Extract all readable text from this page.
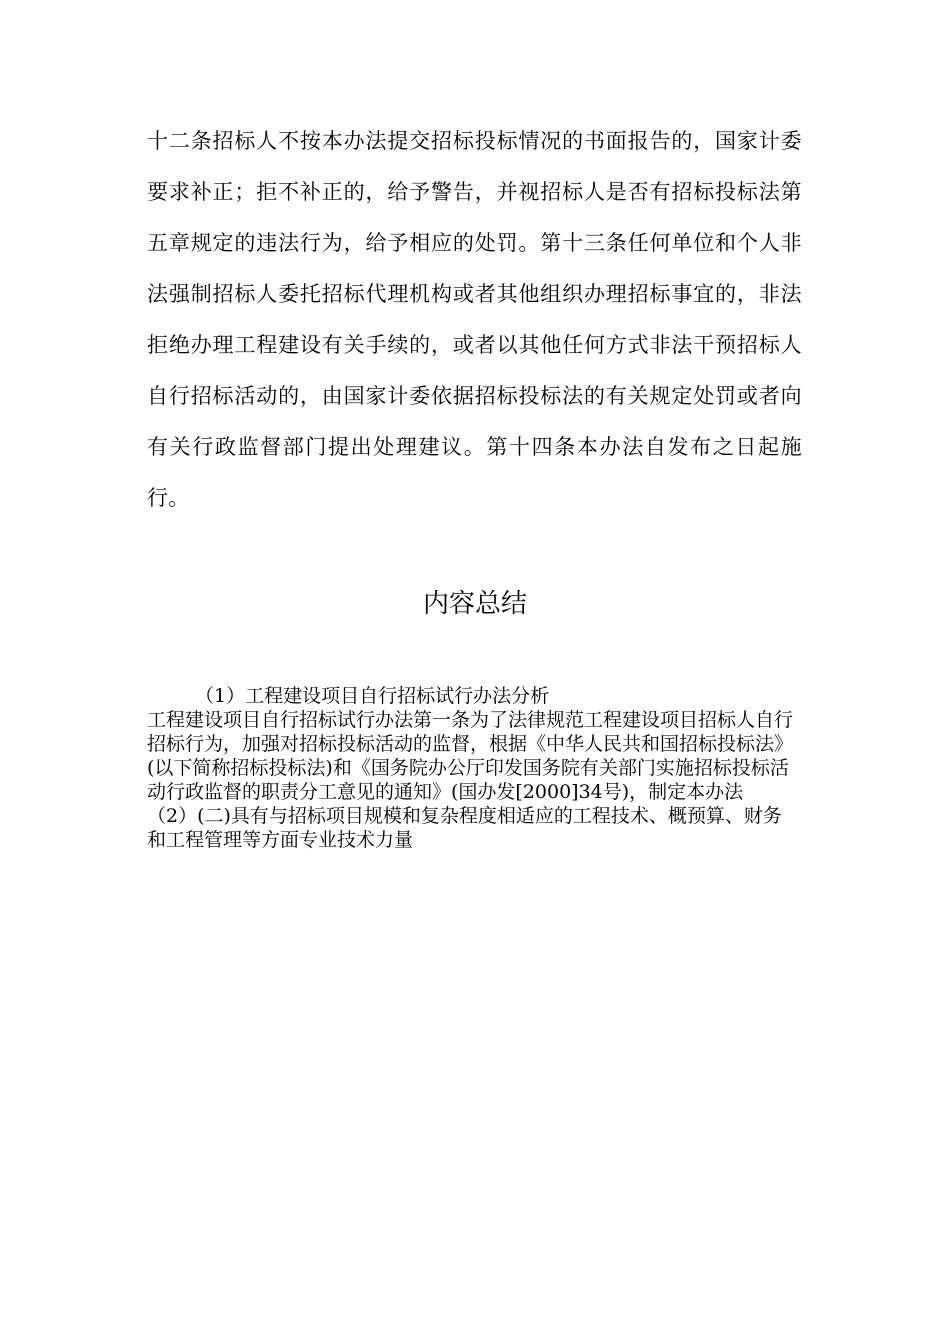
十二条招标人不按本办法提交招标投标情况的书面报告的，国家计委要求补正；拒不补正的，给予警告，并视招标人是否有招标投标法第五章规定的违法行为，给予相应的处罚。第十三条任何单位和个人非法强制招标人委托招标代理机构或者其他组织办理招标事宜的，非法拒绝办理工程建设有关手续的，或者以其他任何方式非法干预招标人自行招标活动的，由国家计委依据招标投标法的有关规定处罚或者向有关行政监督部门提出处理建议。第十四条本办法自发布之日起施行。

内容总结

（1）工程建设项目自行招标试行办法分析

工程建设项目自行招标试行办法第一条为了法律规范工程建设项目招标人自行招标行为，加强对招标投标活动的监督，根据《中华人民共和国招标投标法》(以下简称招标投标法)和《国务院办公厅印发国务院有关部门实施招标投标活动行政监督的职责分工意见的通知》(国办发[2000]34号)，制定本办法

（2）(二)具有与招标项目规模和复杂程度相适应的工程技术、概预算、财务和工程管理等方面专业技术力量
